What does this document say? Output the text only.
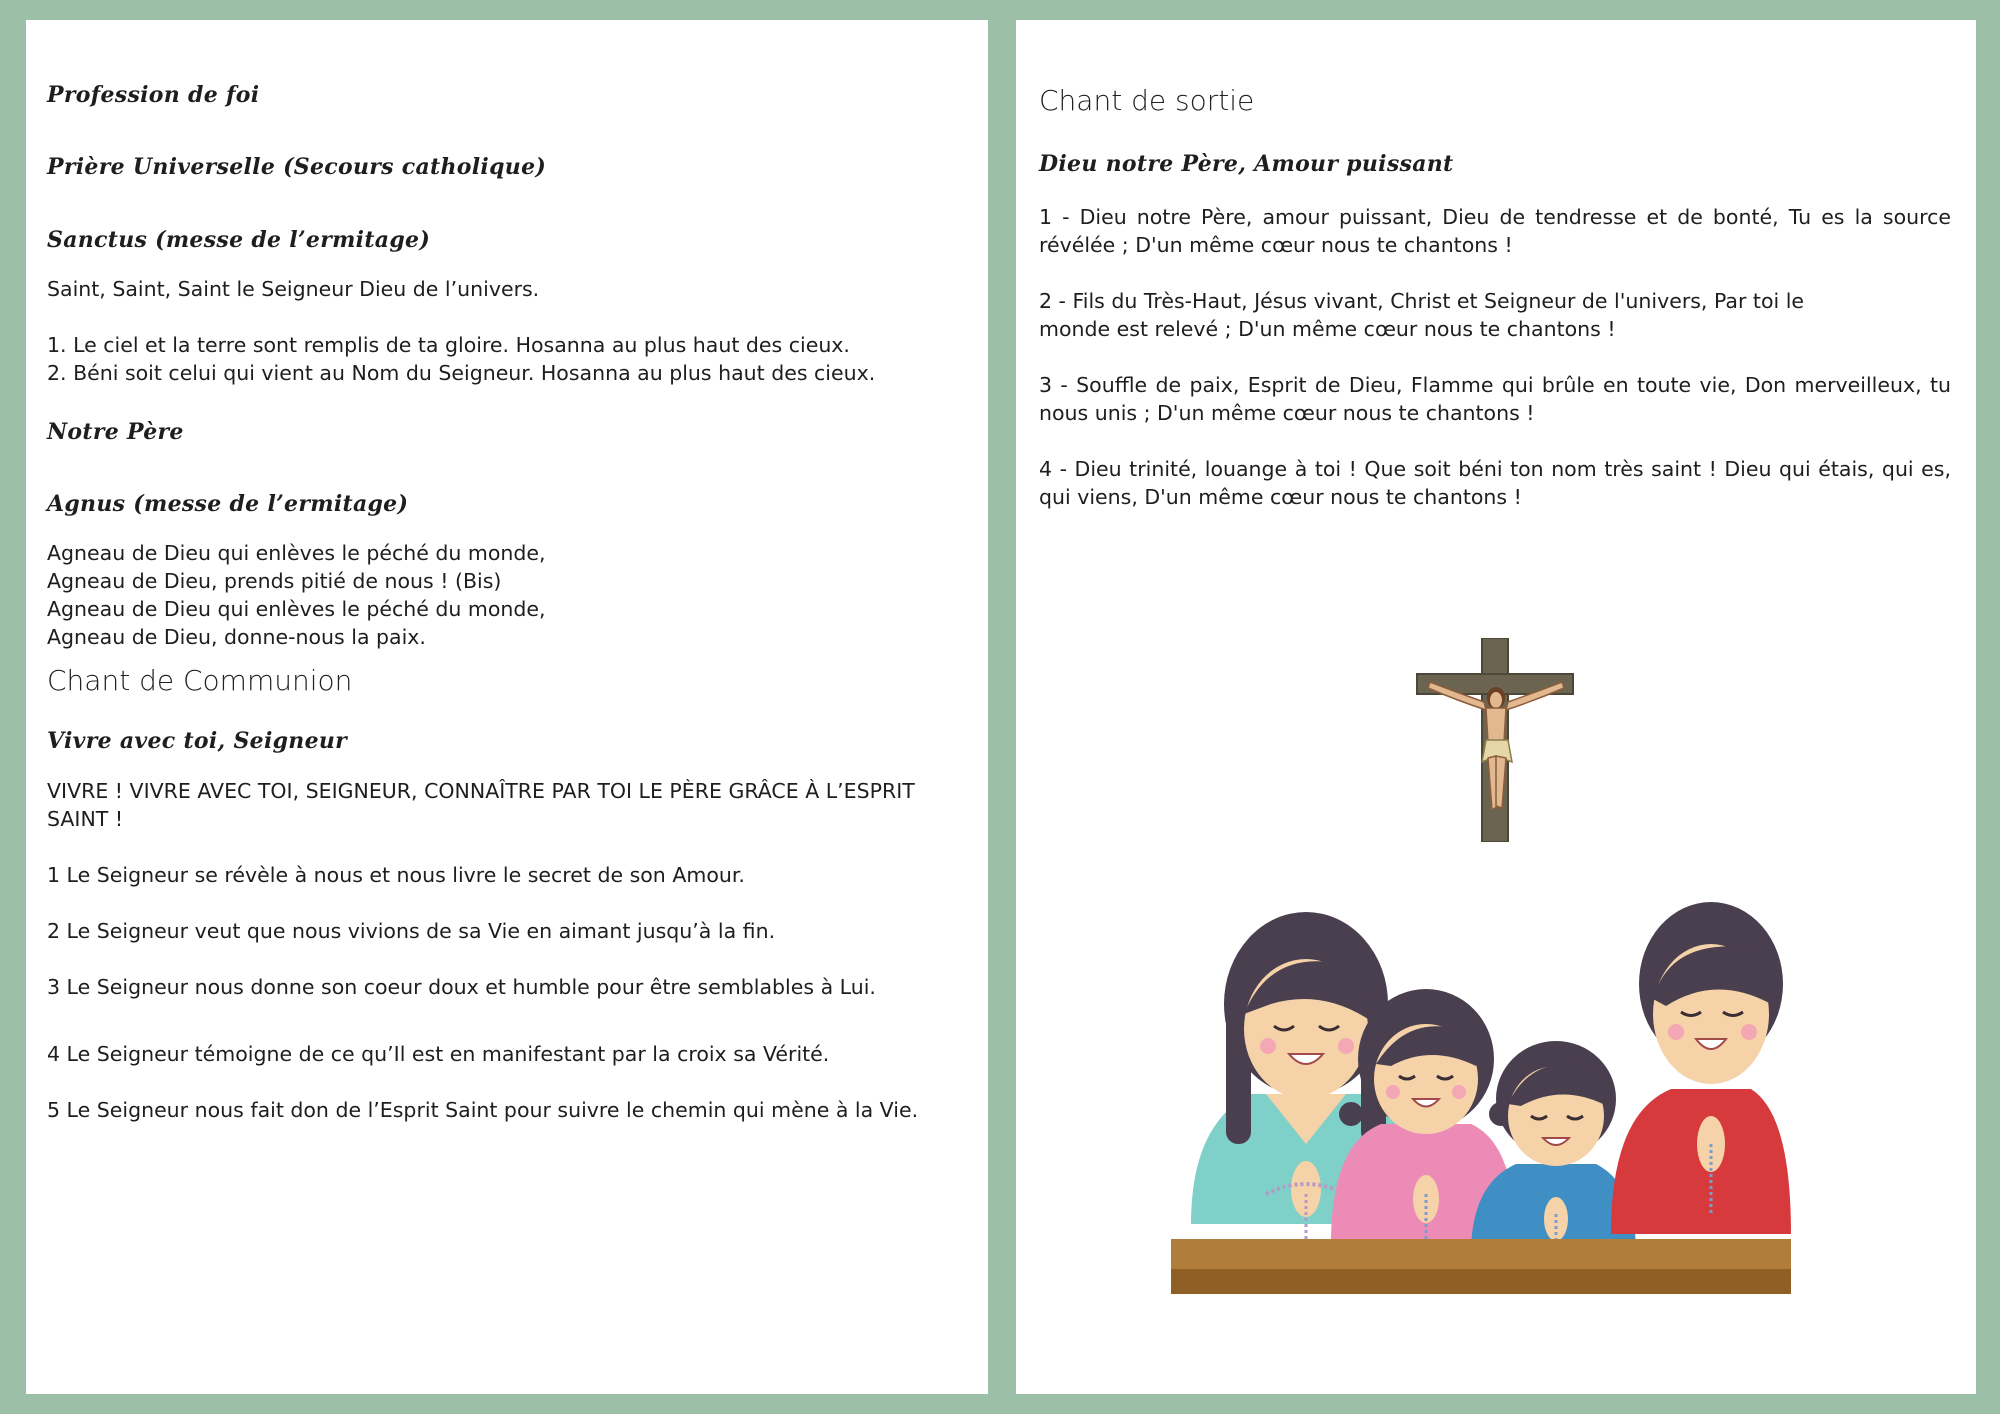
Profession de foi

Prière Universelle (Secours catholique)

Sanctus (messe de l’ermitage)

Saint, Saint, Saint le Seigneur Dieu de l’univers.

1. Le ciel et la terre sont remplis de ta gloire. Hosanna au plus haut des cieux.

2. Béni soit celui qui vient au Nom du Seigneur. Hosanna au plus haut des cieux.

Notre Père

Agnus (messe de l’ermitage)

Agneau de Dieu qui enlèves le péché du monde,

Agneau de Dieu, prends pitié de nous ! (Bis)

Agneau de Dieu qui enlèves le péché du monde,

Agneau de Dieu, donne-nous la paix.

Chant de Communion

Vivre avec toi, Seigneur

VIVRE ! VIVRE AVEC TOI, SEIGNEUR, CONNAÎTRE PAR TOI LE PÈRE GRÂCE À L’ESPRIT SAINT !

1 Le Seigneur se révèle à nous et nous livre le secret de son Amour.

2 Le Seigneur veut que nous vivions de sa Vie en aimant jusqu’à la fin.

3 Le Seigneur nous donne son coeur doux et humble pour être semblables à Lui.

4 Le Seigneur témoigne de ce qu’Il est en manifestant par la croix sa Vérité.

5 Le Seigneur nous fait don de l’Esprit Saint pour suivre le chemin qui mène à la Vie.

Chant de sortie

Dieu notre Père, Amour puissant

1 - Dieu notre Père, amour puissant, Dieu de tendresse et de bonté, Tu es la source révélée ; D'un même cœur nous te chantons !

2 - Fils du Très-Haut, Jésus vivant, Christ et Seigneur de l'univers, Par toi le
monde est relevé ; D'un même cœur nous te chantons !

3 - Souffle de paix, Esprit de Dieu, Flamme qui brûle en toute vie, Don merveilleux, tu nous unis ; D'un même cœur nous te chantons !

4 - Dieu trinité, louange à toi ! Que soit béni ton nom très saint ! Dieu qui étais, qui es, qui viens, D'un même cœur nous te chantons !
